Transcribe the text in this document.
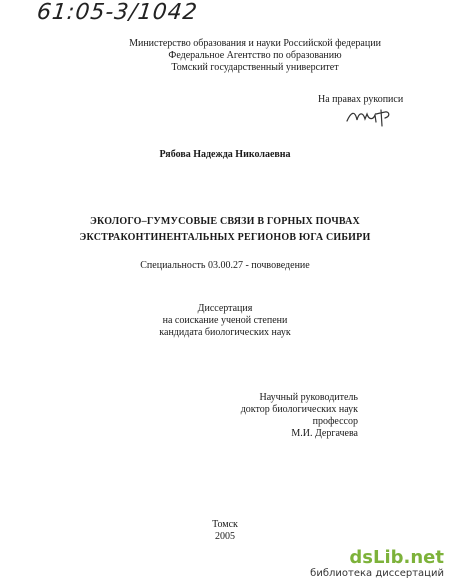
61:05-3/1042
Министерство образования и науки Российской федерации
Федеральное Агентство по образованию
Томский государственный университет
На правах рукописи
Рябова Надежда Николаевна
ЭКОЛОГО–ГУМУСОВЫЕ СВЯЗИ В ГОРНЫХ ПОЧВАХ
ЭКСТРАКОНТИНЕНТАЛЬНЫХ РЕГИОНОВ ЮГА СИБИРИ
Специальность 03.00.27 - почвоведение
Диссертация
на соискание ученой степени
кандидата биологических наук
Научный руководитель
доктор биологических наук
профессор
М.И. Дергачева
Томск
2005
dsLib.net
библиотека диссертаций
